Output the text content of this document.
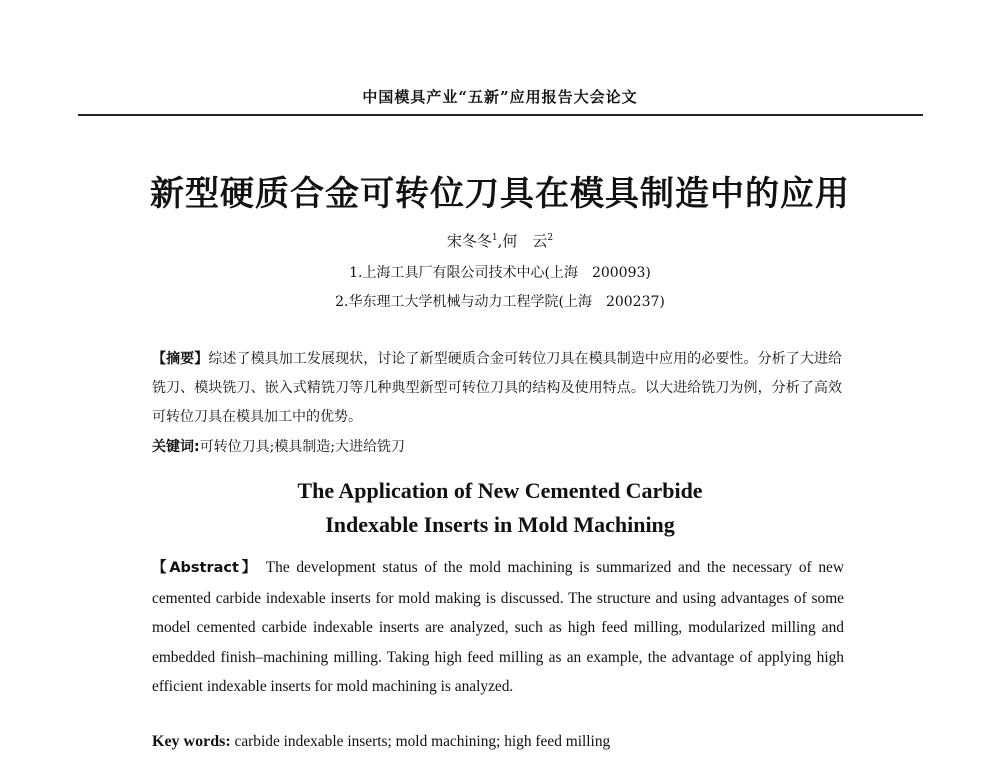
中国模具产业“五新”应用报告大会论文
新型硬质合金可转位刀具在模具制造中的应用
宋冬冬$^1$,何　云$^2$
1.上海工具厂有限公司技术中心(上海　200093)
2.华东理工大学机械与动力工程学院(上海　200237)
【摘要】综述了模具加工发展现状，讨论了新型硬质合金可转位刀具在模具制造中应用的必要性。分析了大进给铣刀、模块铣刀、嵌入式精铣刀等几种典型新型可转位刀具的结构及使用特点。以大进给铣刀为例，分析了高效可转位刀具在模具加工中的优势。
关键词:可转位刀具;模具制造;大进给铣刀
The Application of New Cemented Carbide
Indexable Inserts in Mold Machining
【Abstract】 The development status of the mold machining is summarized and the necessary of new cemented carbide indexable inserts for mold making is discussed. The structure and using advantages of some model cemented carbide indexable inserts are analyzed, such as high feed milling, modularized milling and embedded finish–machining milling. Taking high feed milling as an example, the advantage of applying high efficient indexable inserts for mold machining is analyzed.
Key words: carbide indexable inserts; mold machining; high feed milling
